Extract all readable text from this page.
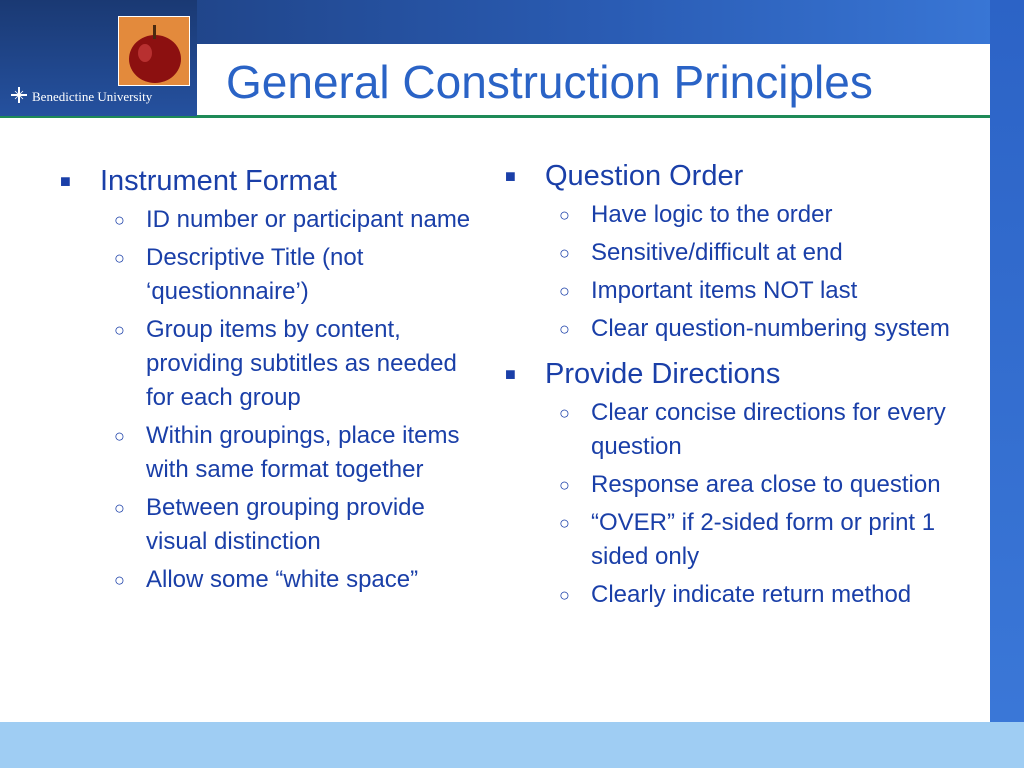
Benedictine University General Construction Principles
■ Instrument Format
○ ID number or participant name
○ Descriptive Title (not ‘questionnaire’)
○ Group items by content, providing subtitles as needed for each group
○ Within groupings, place items with same format together
○ Between grouping provide visual distinction
○ Allow some “white space”
■ Question Order
○ Have logic to the order
○ Sensitive/difficult at end
○ Important items NOT last
○ Clear question-numbering system
■ Provide Directions
○ Clear concise directions for every question
○ Response area close to question
○ “OVER” if 2-sided form or print 1 sided only
○ Clearly indicate return method
